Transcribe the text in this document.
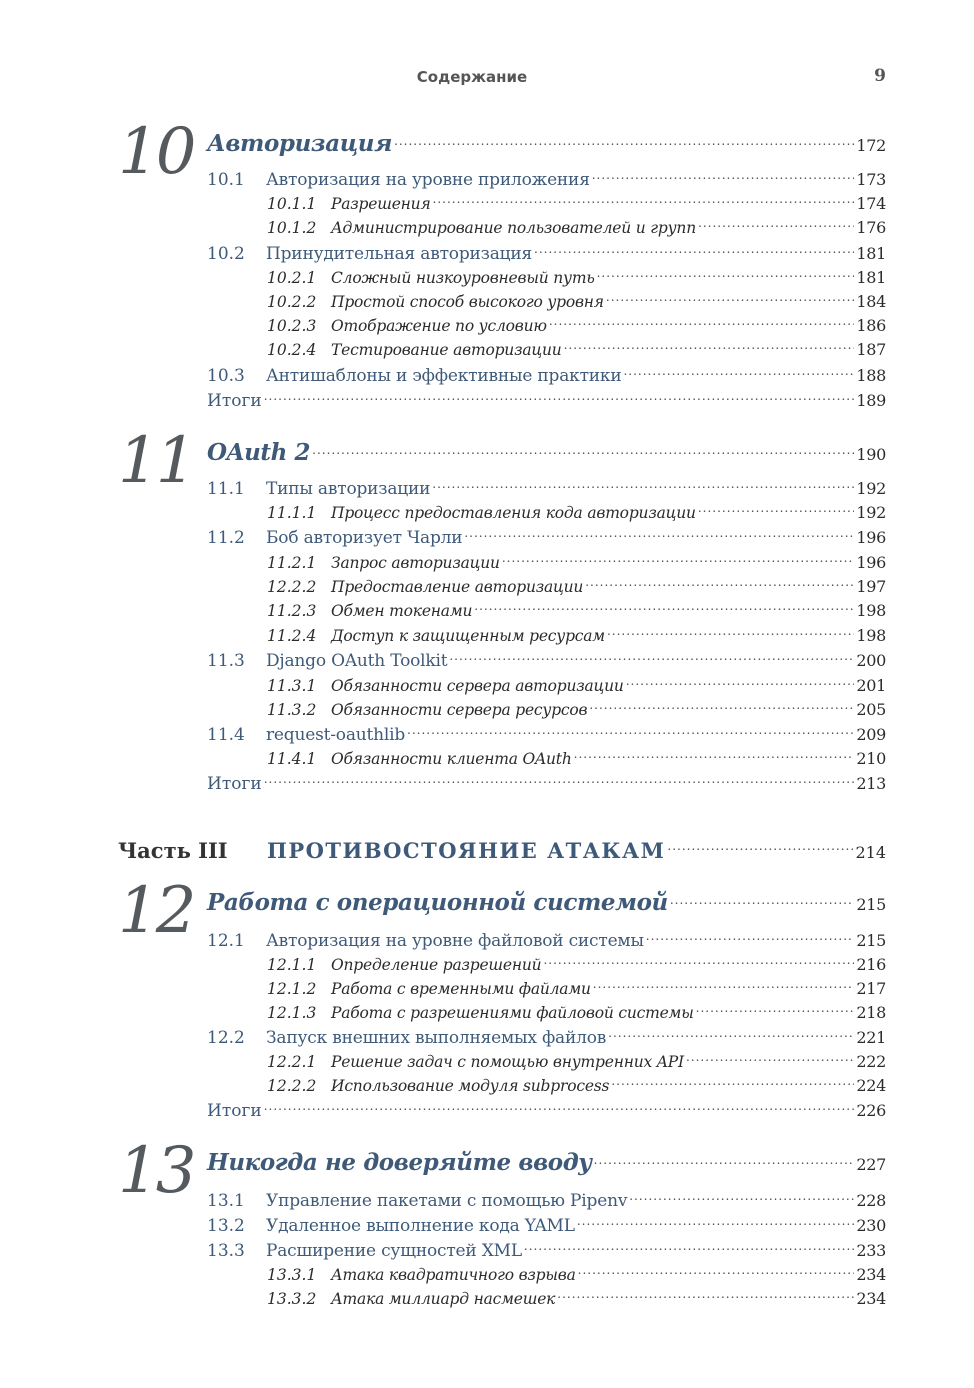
Содержание	9
10 Авторизация .....	172
10.1	Авторизация на уровне приложения .....	173
10.1.1 Разрешения .....	174
10.1.2 Администрирование пользователей и групп .....	176
10.2	Принудительная авторизация .....	181
10.2.1 Сложный низкоуровневый путь .....	181
10.2.2 Простой способ высокого уровня .....	184
10.2.3 Отображение по условию .....	186
10.2.4 Тестирование авторизации .....	187
10.3	Антишаблоны и эффективные практики .....	188
Итоги .....	189
11 OAuth 2 .....	190
11.1	Типы авторизации .....	192
11.1.1 Процесс предоставления кода авторизации .....	192
11.2	Боб авторизует Чарли .....	196
11.2.1 Запрос авторизации .....	196
12.2.2 Предоставление авторизации .....	197
11.2.3 Обмен токенами .....	198
11.2.4 Доступ к защищенным ресурсам .....	198
11.3	Django OAuth Toolkit .....	200
11.3.1 Обязанности сервера авторизации .....	201
11.3.2 Обязанности сервера ресурсов .....	205
11.4	request-oauthlib .....	209
11.4.1 Обязанности клиента OAuth .....	210
Итоги .....	213
Часть III	ПРОТИВОСТОЯНИЕ АТАКАМ .....	214
12 Работа с операционной системой .....	215
12.1	Авторизация на уровне файловой системы .....	215
12.1.1 Определение разрешений .....	216
12.1.2 Работа с временными файлами .....	217
12.1.3 Работа с разрешениями файловой системы .....	218
12.2	Запуск внешних выполняемых файлов .....	221
12.2.1 Решение задач с помощью внутренних API .....	222
12.2.2 Использование модуля subprocess .....	224
Итоги .....	226
13 Никогда не доверяйте вводу .....	227
13.1	Управление пакетами с помощью Pipenv .....	228
13.2	Удаленное выполнение кода YAML .....	230
13.3	Расширение сущностей XML .....	233
13.3.1 Атака квадратичного взрыва .....	234
13.3.2 Атака миллиард насмешек .....	234
